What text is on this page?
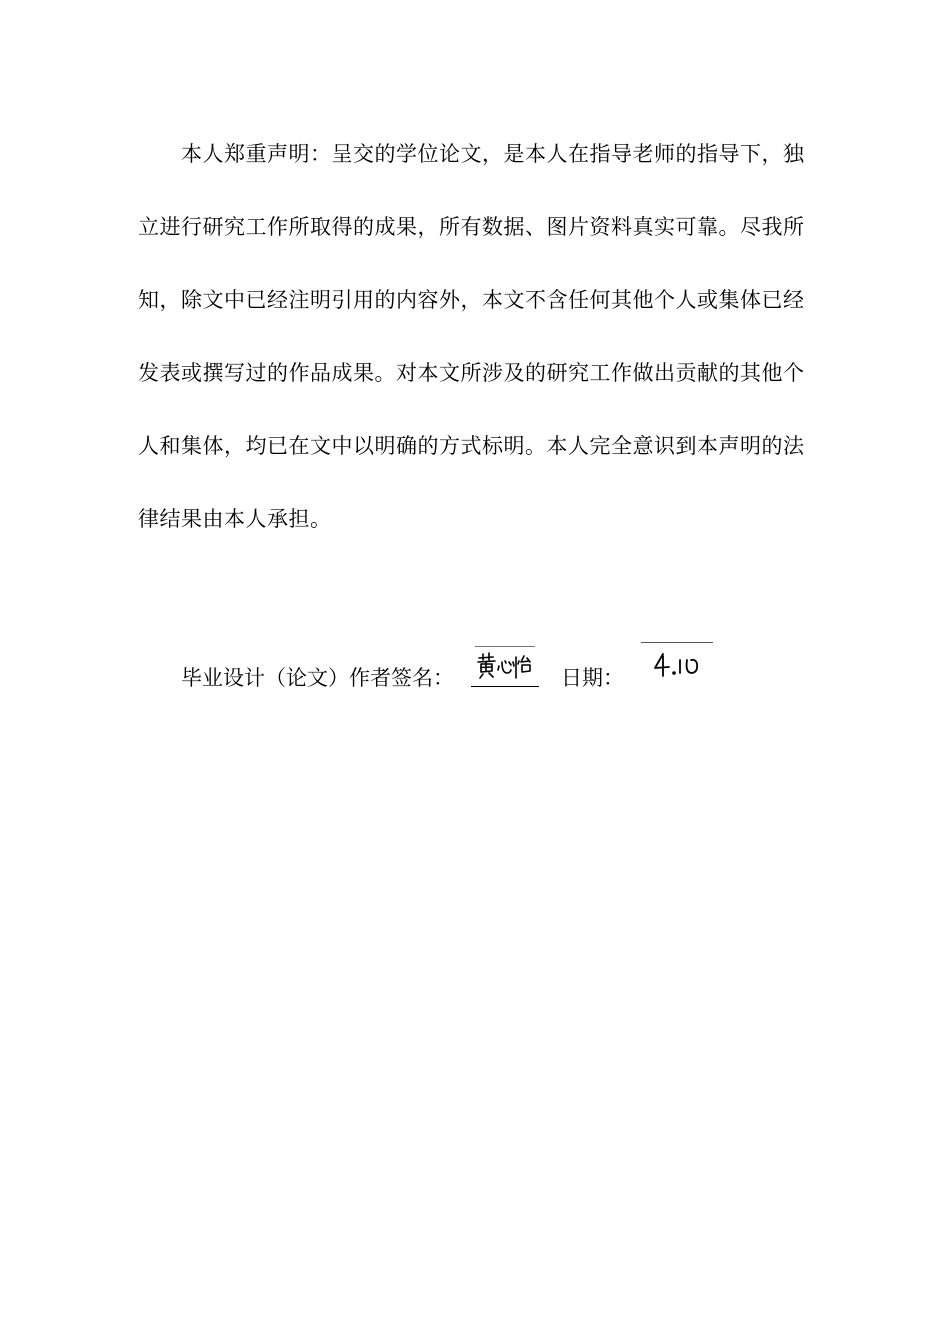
本人郑重声明：呈交的学位论文，是本人在指导老师的指导下，独
立进行研究工作所取得的成果，所有数据、图片资料真实可靠。尽我所
知，除文中已经注明引用的内容外，本文不含任何其他个人或集体已经
发表或撰写过的作品成果。对本文所涉及的研究工作做出贡献的其他个
人和集体，均已在文中以明确的方式标明。本人完全意识到本声明的法
律结果由本人承担。
毕业设计（论文）作者签名：	日期：
